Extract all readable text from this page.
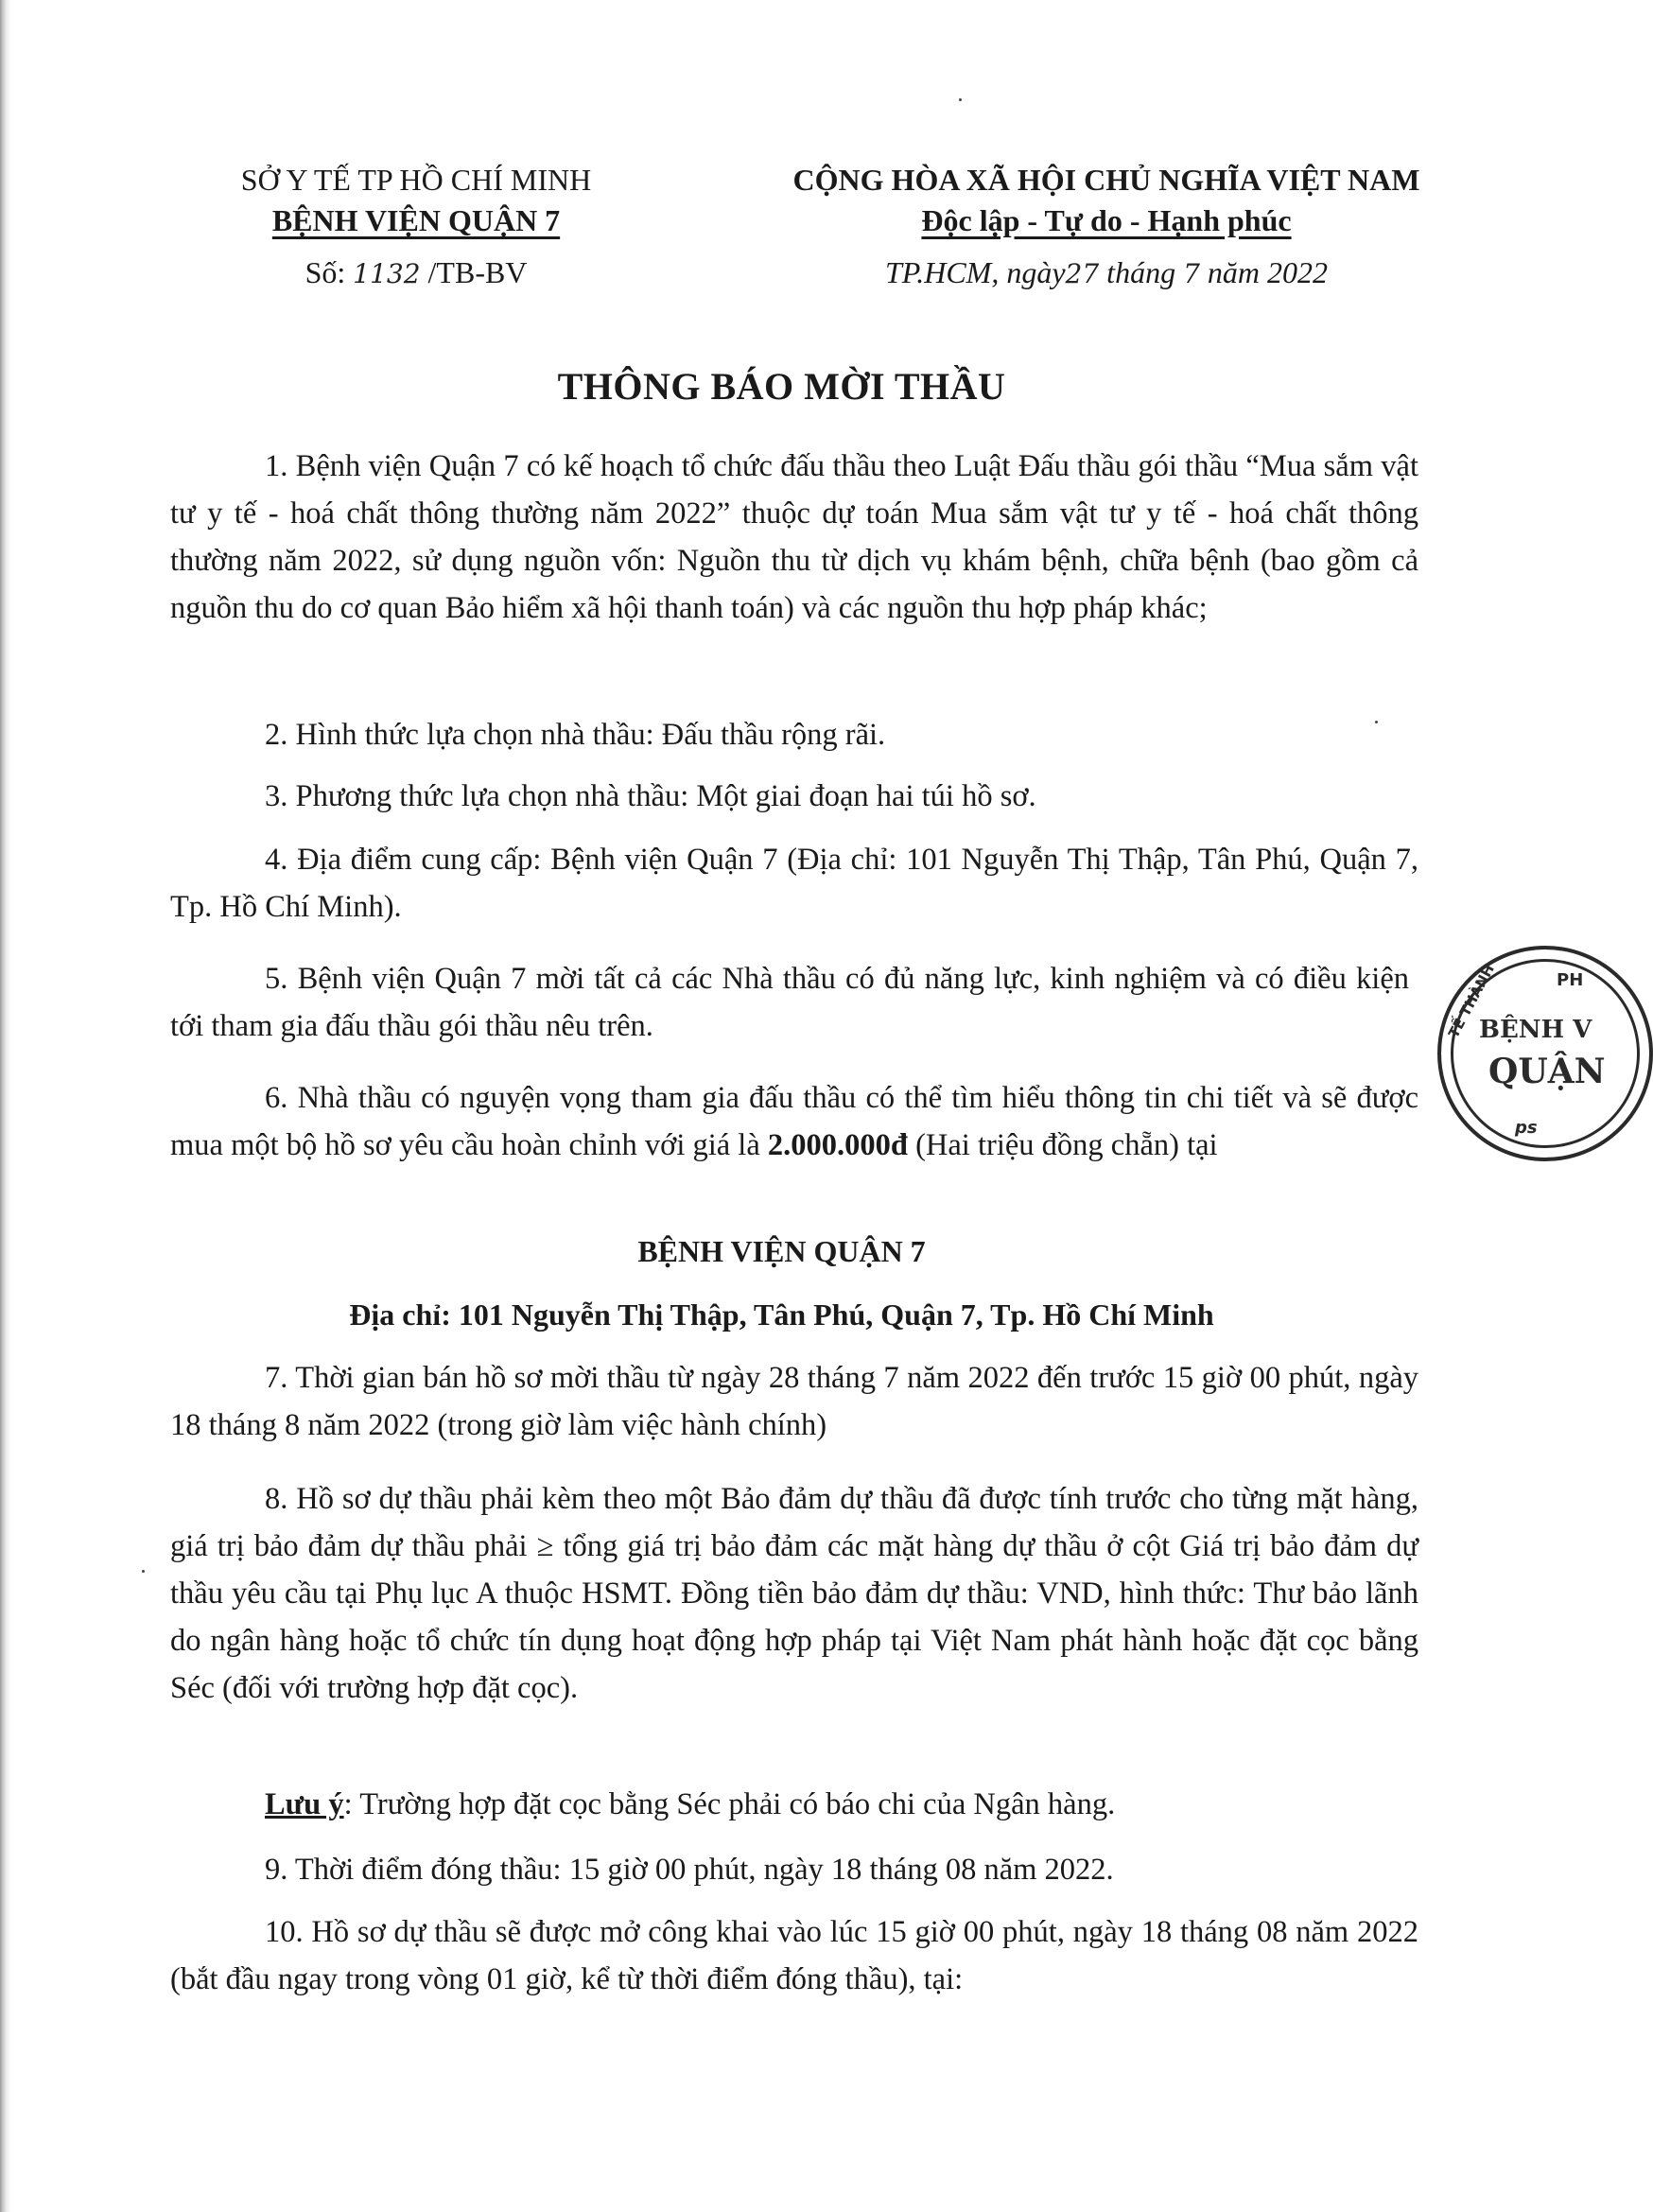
SỞ Y TẾ TP HỒ CHÍ MINH
BỆNH VIỆN QUẬN 7
Số: 1132 /TB-BV
CỘNG HÒA XÃ HỘI CHỦ NGHĨA VIỆT NAM
Độc lập - Tự do - Hạnh phúc
TP.HCM, ngày27 tháng 7 năm 2022
THÔNG BÁO MỜI THẦU
1. Bệnh viện Quận 7 có kế hoạch tổ chức đấu thầu theo Luật Đấu thầu gói thầu “Mua sắm vật tư y tế - hoá chất thông thường năm 2022” thuộc dự toán Mua sắm vật tư y tế - hoá chất thông thường năm 2022, sử dụng nguồn vốn: Nguồn thu từ dịch vụ khám bệnh, chữa bệnh (bao gồm cả nguồn thu do cơ quan Bảo hiểm xã hội thanh toán) và các nguồn thu hợp pháp khác;
2. Hình thức lựa chọn nhà thầu: Đấu thầu rộng rãi.
3. Phương thức lựa chọn nhà thầu: Một giai đoạn hai túi hồ sơ.
4. Địa điểm cung cấp: Bệnh viện Quận 7 (Địa chỉ: 101 Nguyễn Thị Thập, Tân Phú, Quận 7, Tp. Hồ Chí Minh).
5. Bệnh viện Quận 7 mời tất cả các Nhà thầu có đủ năng lực, kinh nghiệm và có điều kiện tới tham gia đấu thầu gói thầu nêu trên.
6. Nhà thầu có nguyện vọng tham gia đấu thầu có thể tìm hiểu thông tin chi tiết và sẽ được mua một bộ hồ sơ yêu cầu hoàn chỉnh với giá là 2.000.000đ (Hai triệu đồng chẵn) tại
BỆNH VIỆN QUẬN 7
Địa chỉ: 101 Nguyễn Thị Thập, Tân Phú, Quận 7, Tp. Hồ Chí Minh
7. Thời gian bán hồ sơ mời thầu từ ngày 28 tháng 7 năm 2022 đến trước 15 giờ 00 phút, ngày 18 tháng 8 năm 2022 (trong giờ làm việc hành chính)
8. Hồ sơ dự thầu phải kèm theo một Bảo đảm dự thầu đã được tính trước cho từng mặt hàng, giá trị bảo đảm dự thầu phải ≥ tổng giá trị bảo đảm các mặt hàng dự thầu ở cột Giá trị bảo đảm dự thầu yêu cầu tại Phụ lục A thuộc HSMT. Đồng tiền bảo đảm dự thầu: VND, hình thức: Thư bảo lãnh do ngân hàng hoặc tổ chức tín dụng hoạt động hợp pháp tại Việt Nam phát hành hoặc đặt cọc bằng Séc (đối với trường hợp đặt cọc).
Lưu ý: Trường hợp đặt cọc bằng Séc phải có báo chi của Ngân hàng.
9. Thời điểm đóng thầu: 15 giờ 00 phút, ngày 18 tháng 08 năm 2022.
10. Hồ sơ dự thầu sẽ được mở công khai vào lúc 15 giờ 00 phút, ngày 18 tháng 08 năm 2022 (bắt đầu ngay trong vòng 01 giờ, kể từ thời điểm đóng thầu), tại:
PH
TẾ THÀNH
BỆNH V
QUẬN
ps
